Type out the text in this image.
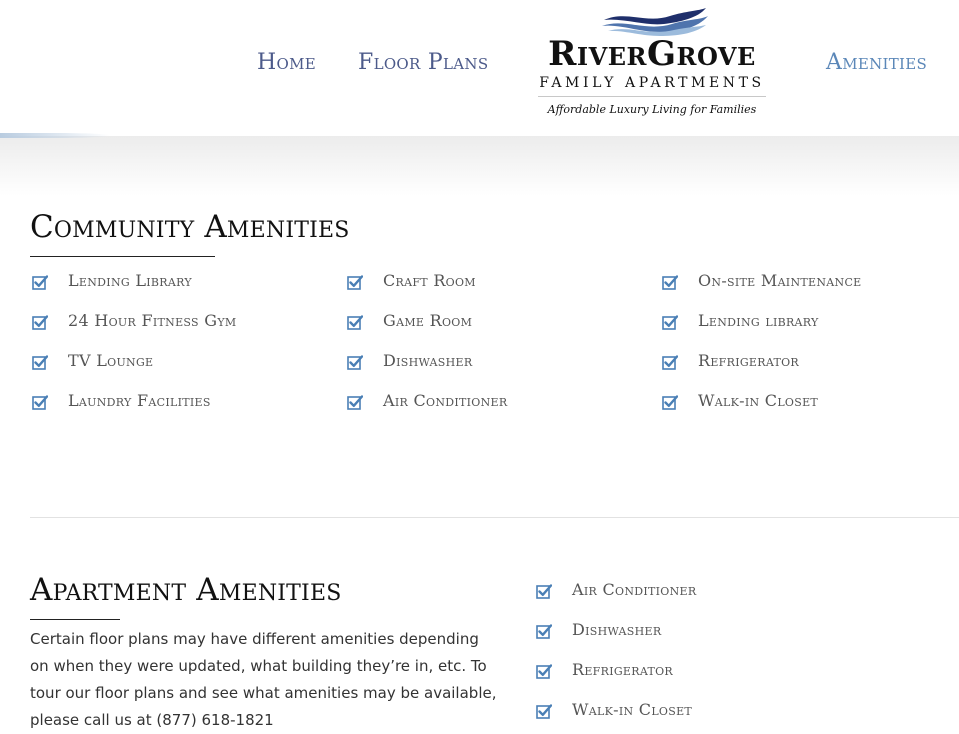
Home Floor Plans	RiverGrove
FAMILY APARTMENTS
Affordable Luxury Living for Families
Amenities
Community Amenities
Lending Library
24 Hour Fitness Gym
TV Lounge
Laundry Facilities
Craft Room
Game Room
Dishwasher
Air Conditioner
On-site Maintenance
Lending library
Refrigerator
Walk-in Closet
Apartment Amenities

Certain floor plans may have different amenities depending on when they were updated, what building they’re in, etc. To tour our floor plans and see what amenities may be available, please call us at (877) 618-1821

Air Conditioner
Dishwasher
Refrigerator
Walk-in Closet
